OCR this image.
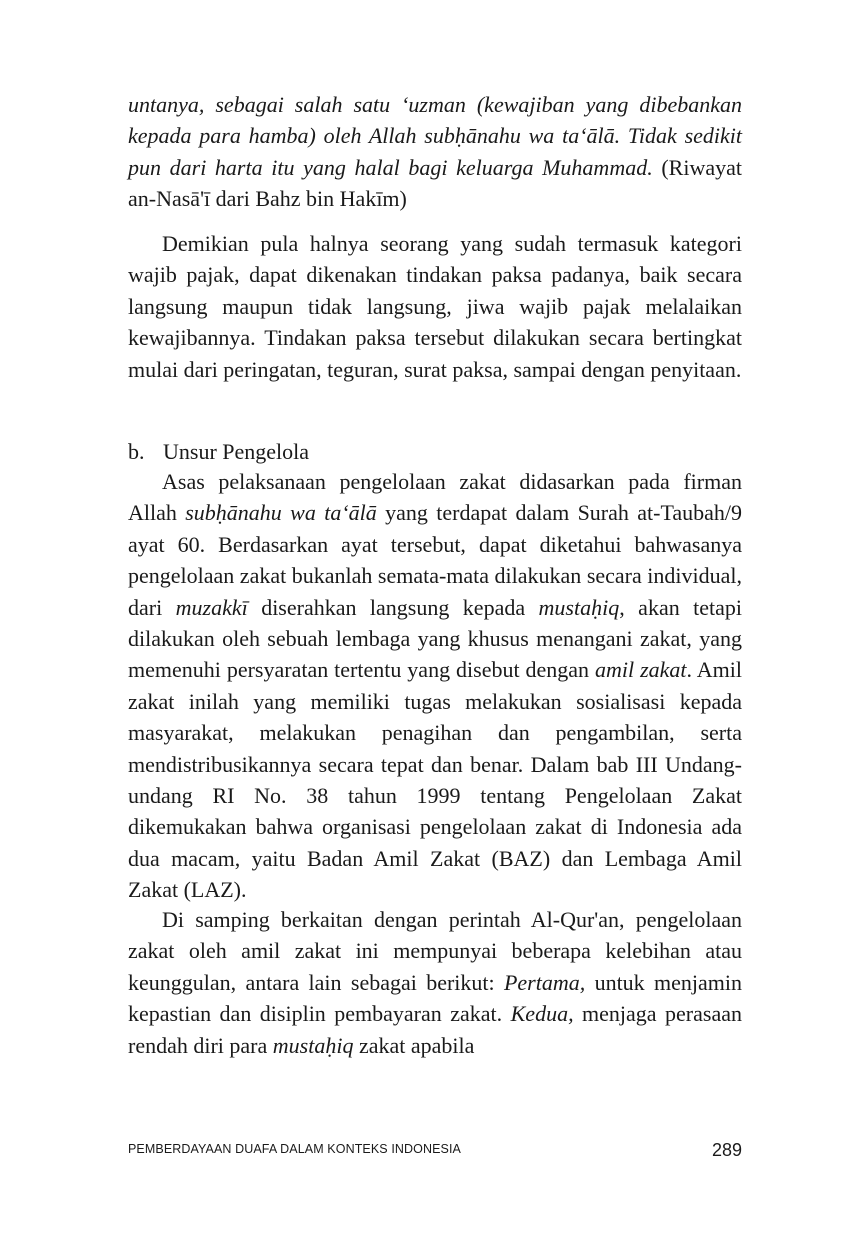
untanya, sebagai salah satu ‘uzman (kewajiban yang dibebankan kepada para hamba) oleh Allah subḥānahu wa ta‘ālā. Tidak sedikit pun dari harta itu yang halal bagi keluarga Muhammad. (Riwayat an-Nasā'ī dari Bahz bin Hakīm)

Demikian pula halnya seorang yang sudah termasuk kategori wajib pajak, dapat dikenakan tindakan paksa padanya, baik secara langsung maupun tidak langsung, jiwa wajib pajak melalaikan kewajibannya. Tindakan paksa tersebut dilakukan secara bertingkat mulai dari peringatan, teguran, surat paksa, sampai dengan penyitaan.

b. Unsur Pengelola

Asas pelaksanaan pengelolaan zakat didasarkan pada firman Allah subḥānahu wa ta‘ālā yang terdapat dalam Surah at-Taubah/9 ayat 60. Berdasarkan ayat tersebut, dapat diketahui bahwasanya pengelolaan zakat bukanlah semata-mata dilakukan secara individual, dari muzakkī diserahkan langsung kepada mustaḥiq, akan tetapi dilakukan oleh sebuah lembaga yang khusus menangani zakat, yang memenuhi persyaratan tertentu yang disebut dengan amil zakat. Amil zakat inilah yang memiliki tugas melakukan sosialisasi kepada masyarakat, melakukan penagihan dan pengambilan, serta mendistribusikannya secara tepat dan benar. Dalam bab III Undang-undang RI No. 38 tahun 1999 tentang Pengelolaan Zakat dikemukakan bahwa organisasi pengelolaan zakat di Indonesia ada dua macam, yaitu Badan Amil Zakat (BAZ) dan Lembaga Amil Zakat (LAZ).

Di samping berkaitan dengan perintah Al-Qur'an, pengelolaan zakat oleh amil zakat ini mempunyai beberapa kelebihan atau keunggulan, antara lain sebagai berikut: Pertama, untuk menjamin kepastian dan disiplin pembayaran zakat. Kedua, menjaga perasaan rendah diri para mustaḥiq zakat apabila

PEMBERDAYAAN DUAFA DALAM KONTEKS INDONESIA	289
